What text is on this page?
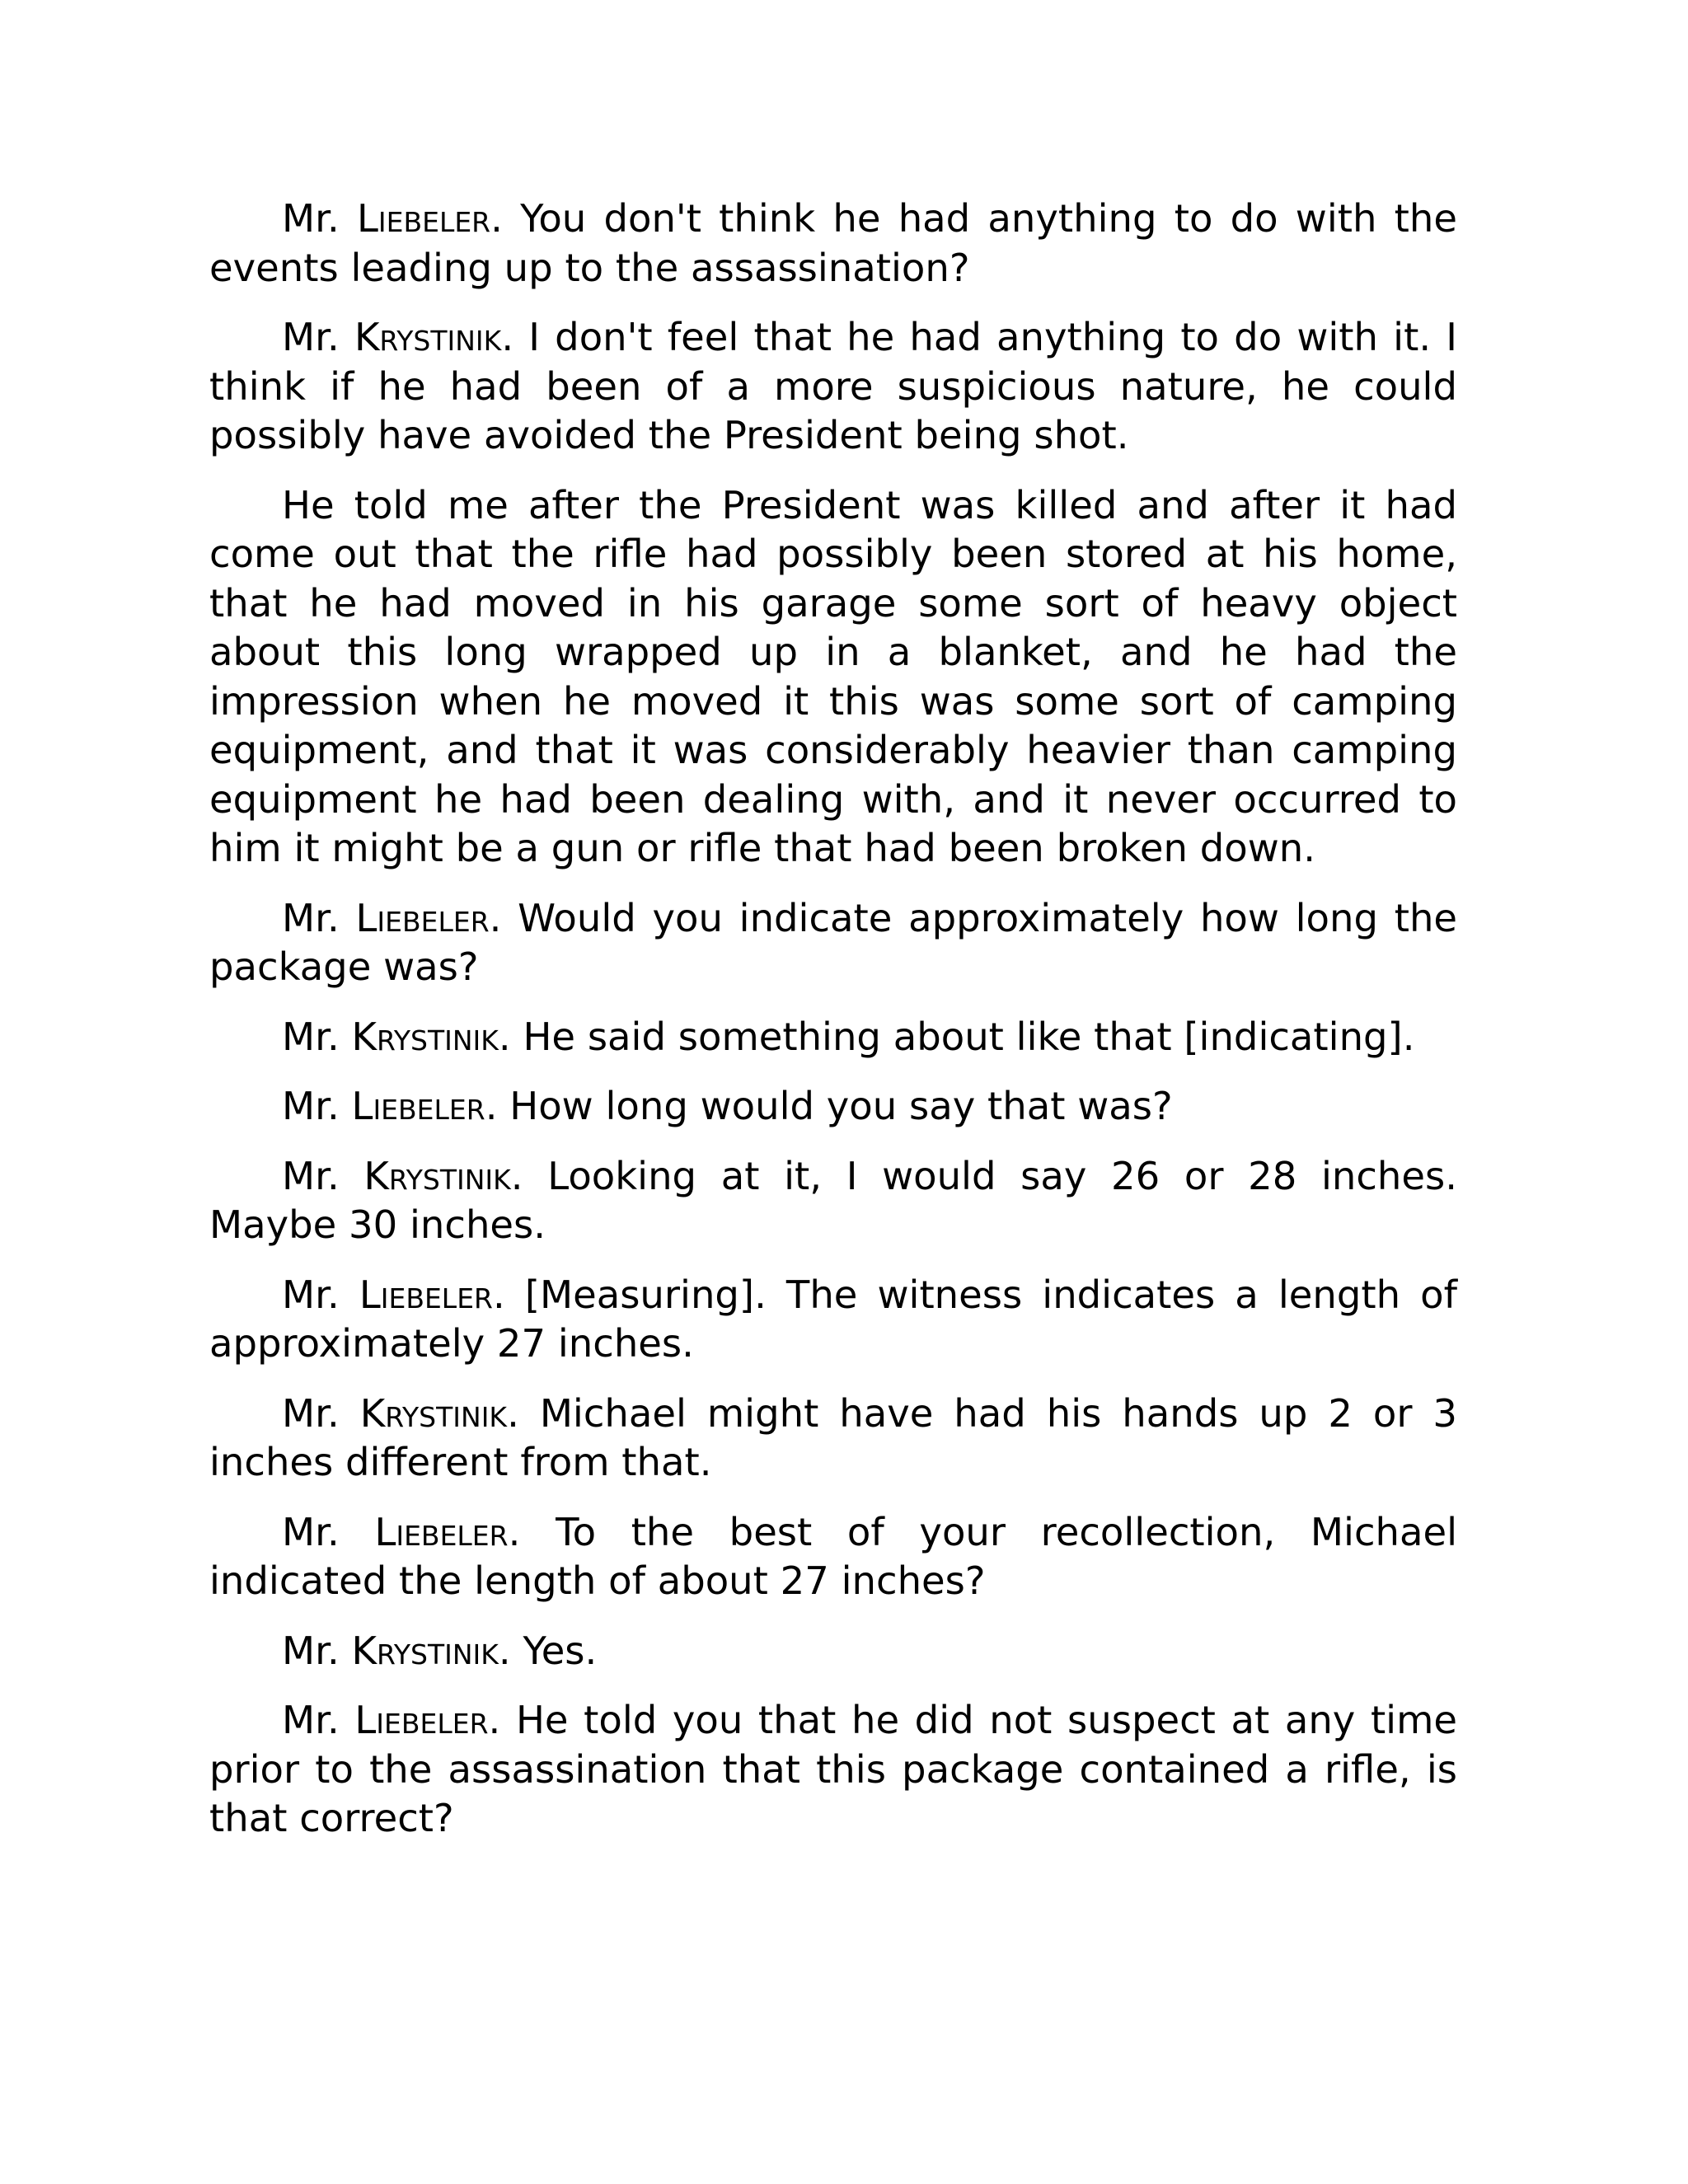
Mr. Liebeler. You don't think he had anything to do with the events leading up to the assassination?

Mr. Krystinik. I don't feel that he had anything to do with it. I think if he had been of a more suspicious nature, he could possibly have avoided the President being shot.

He told me after the President was killed and after it had come out that the rifle had possibly been stored at his home, that he had moved in his garage some sort of heavy object about this long wrapped up in a blanket, and he had the impression when he moved it this was some sort of camping equipment, and that it was considerably heavier than camping equipment he had been dealing with, and it never occurred to him it might be a gun or rifle that had been broken down.

Mr. Liebeler. Would you indicate approximately how long the package was?

Mr. Krystinik. He said something about like that [indicating].

Mr. Liebeler. How long would you say that was?

Mr. Krystinik. Looking at it, I would say 26 or 28 inches. Maybe 30 inches.

Mr. Liebeler. [Measuring]. The witness indicates a length of approximately 27 inches.

Mr. Krystinik. Michael might have had his hands up 2 or 3 inches different from that.

Mr. Liebeler. To the best of your recollection, Michael indicated the length of about 27 inches?

Mr. Krystinik. Yes.

Mr. Liebeler. He told you that he did not suspect at any time prior to the assassination that this package contained a rifle, is that correct?
